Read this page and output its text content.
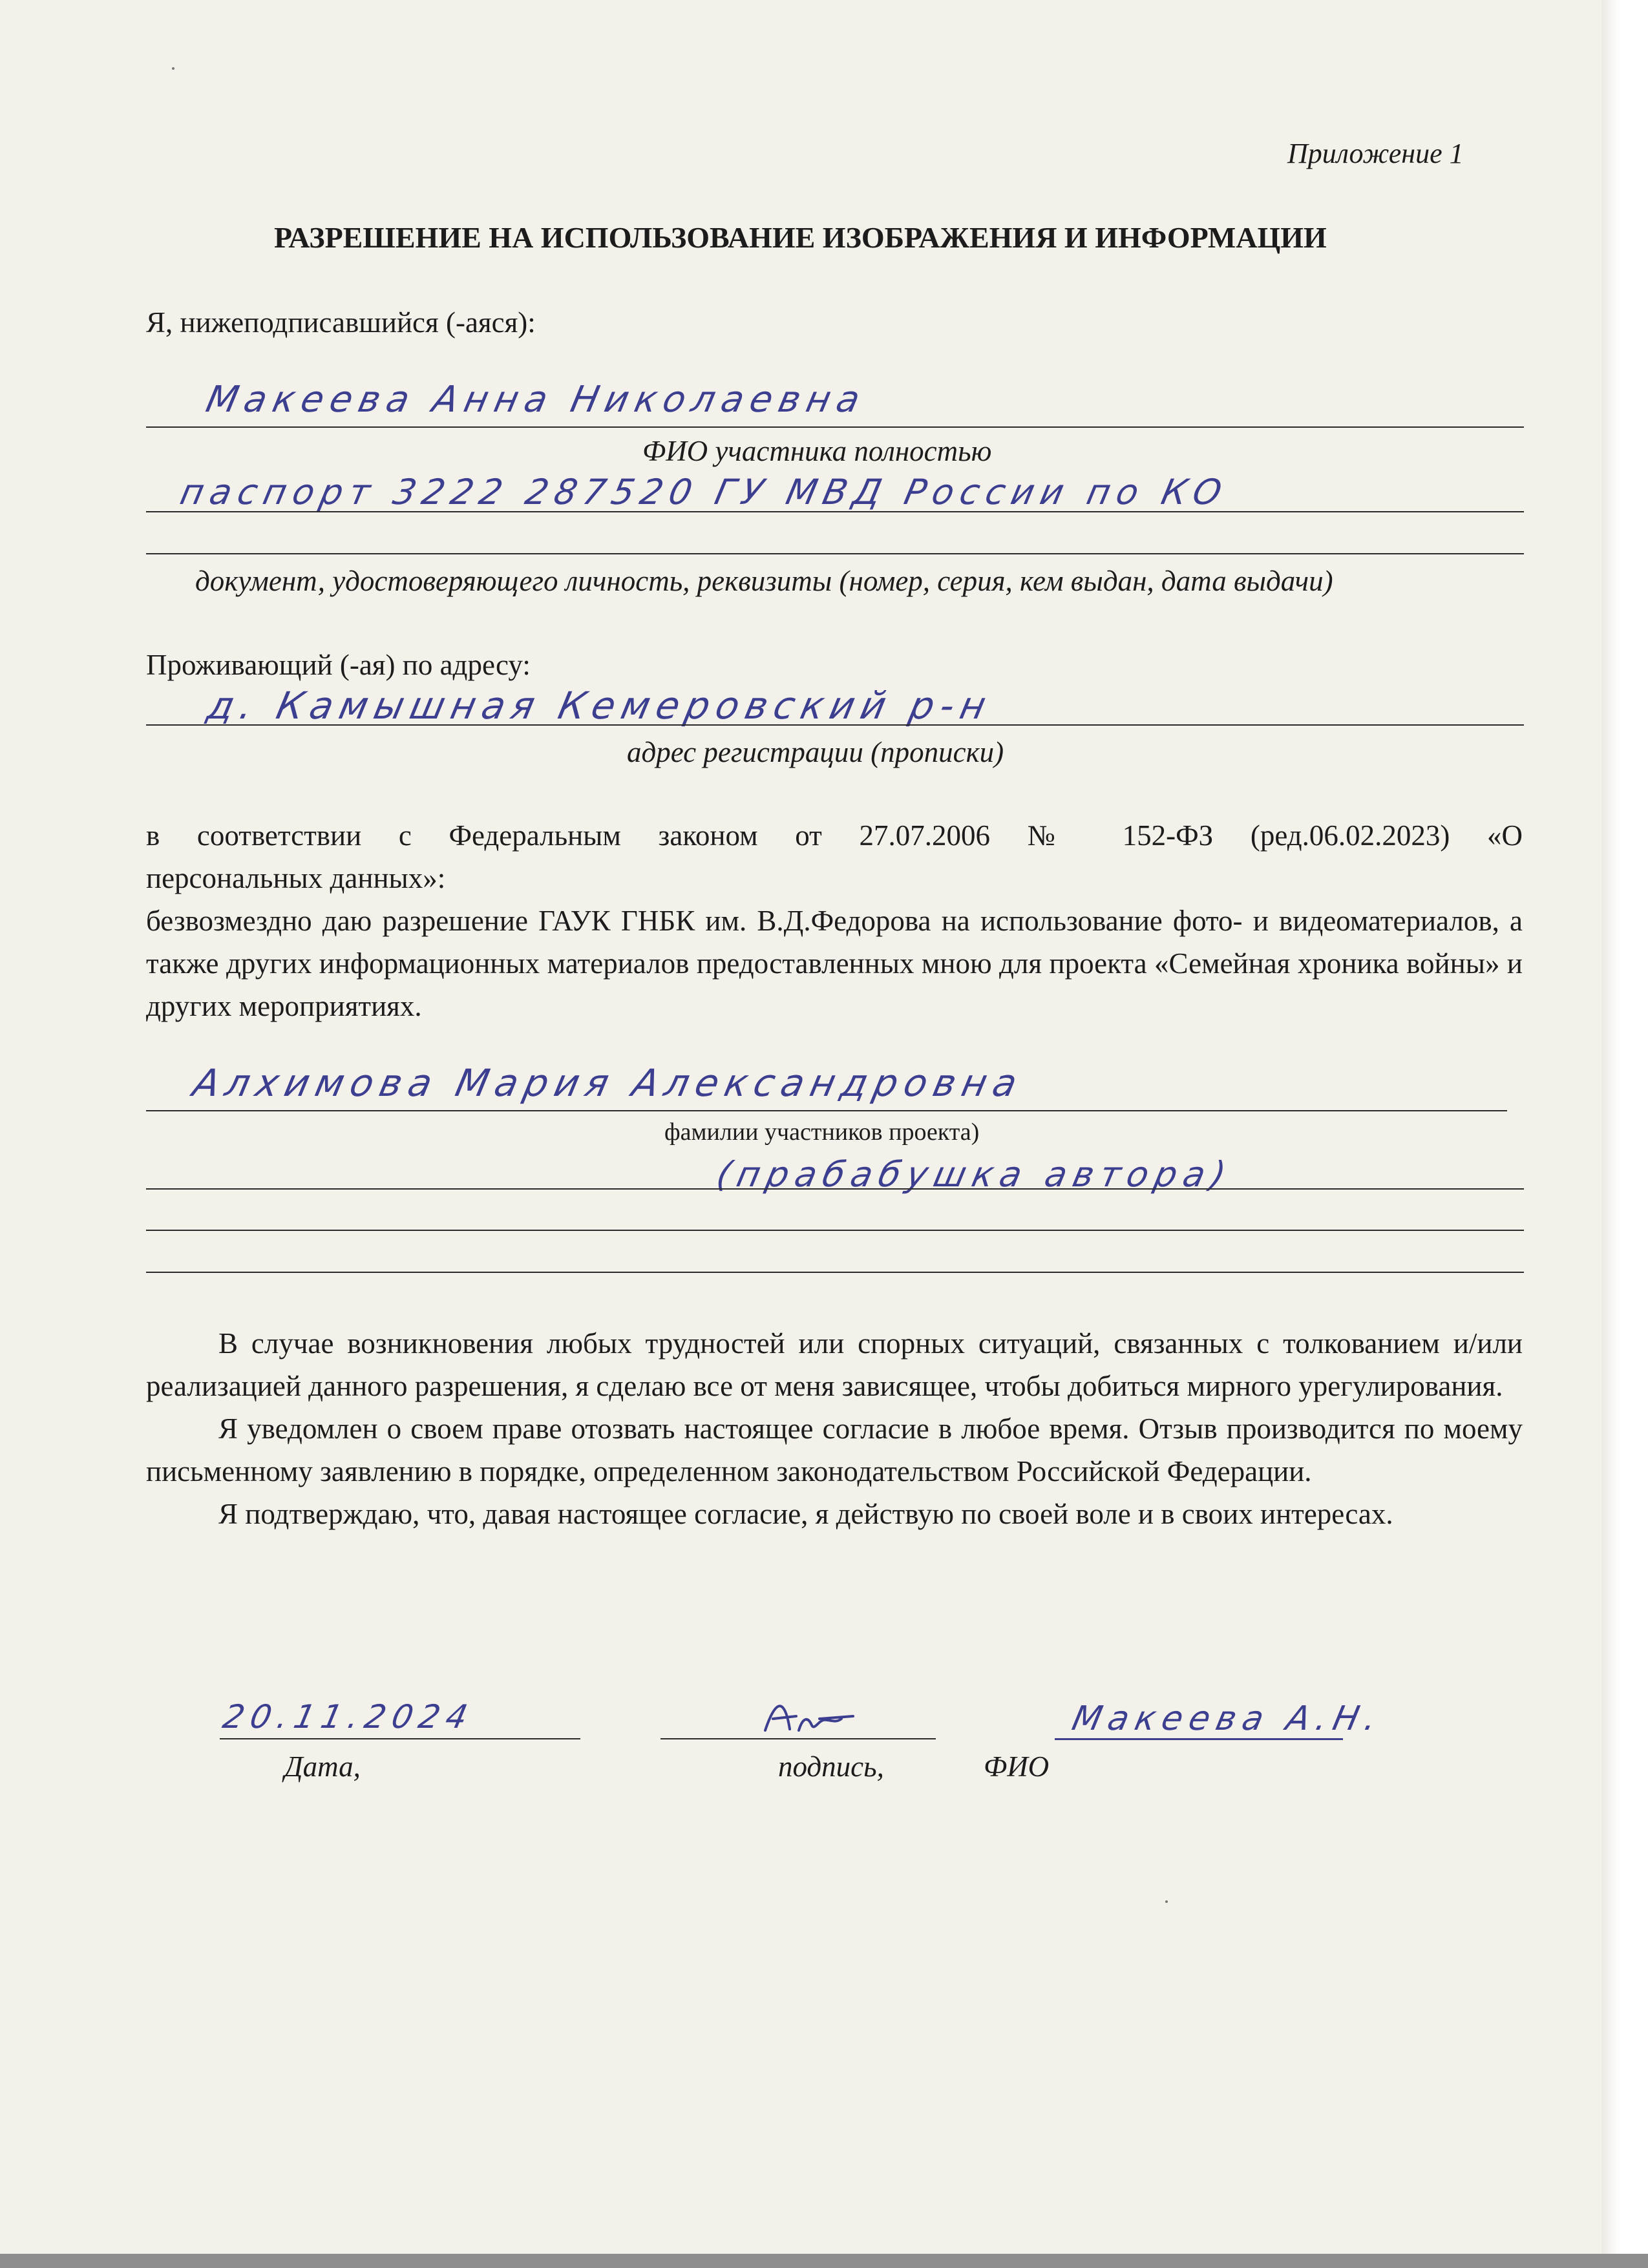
Приложение 1
РАЗРЕШЕНИЕ НА ИСПОЛЬЗОВАНИЕ ИЗОБРАЖЕНИЯ И ИНФОРМАЦИИ
Я, нижеподписавшийся (-аяся):
Макеева Анна Николаевна
ФИО участника полностью
паспорт 3222 287520 ГУ МВД России по КО
документ, удостоверяющего личность, реквизиты (номер, серия, кем выдан, дата выдачи)
Проживающий (-ая) по адресу:
д. Камышная Кемеровский р-н
адрес регистрации (прописки)

в соответствии с Федеральным законом от 27.07.2006 № 152-ФЗ (ред.06.02.2023) «О

персональных данных»:

безвозмездно даю разрешение ГАУК ГНБК им. В.Д.Федорова на использование фото- и видеоматериалов, а также других информационных материалов предоставленных мною для проекта «Семейная хроника войны» и других мероприятиях.

Алхимова Мария Александровна
фамилии участников проекта)
(прабабушка автора)

В случае возникновения любых трудностей или спорных ситуаций, связанных с толкованием и/или реализацией данного разрешения, я сделаю все от меня зависящее, чтобы добиться мирного урегулирования.

Я уведомлен о своем праве отозвать настоящее согласие в любое время. Отзыв производится по моему письменному заявлению в порядке, определенном законодательством Российской Федерации.

Я подтверждаю, что, давая настоящее согласие, я действую по своей воле и в своих интересах.

20.11.2024
Дата,	подпись,	ФИО
Макеева А.Н.
